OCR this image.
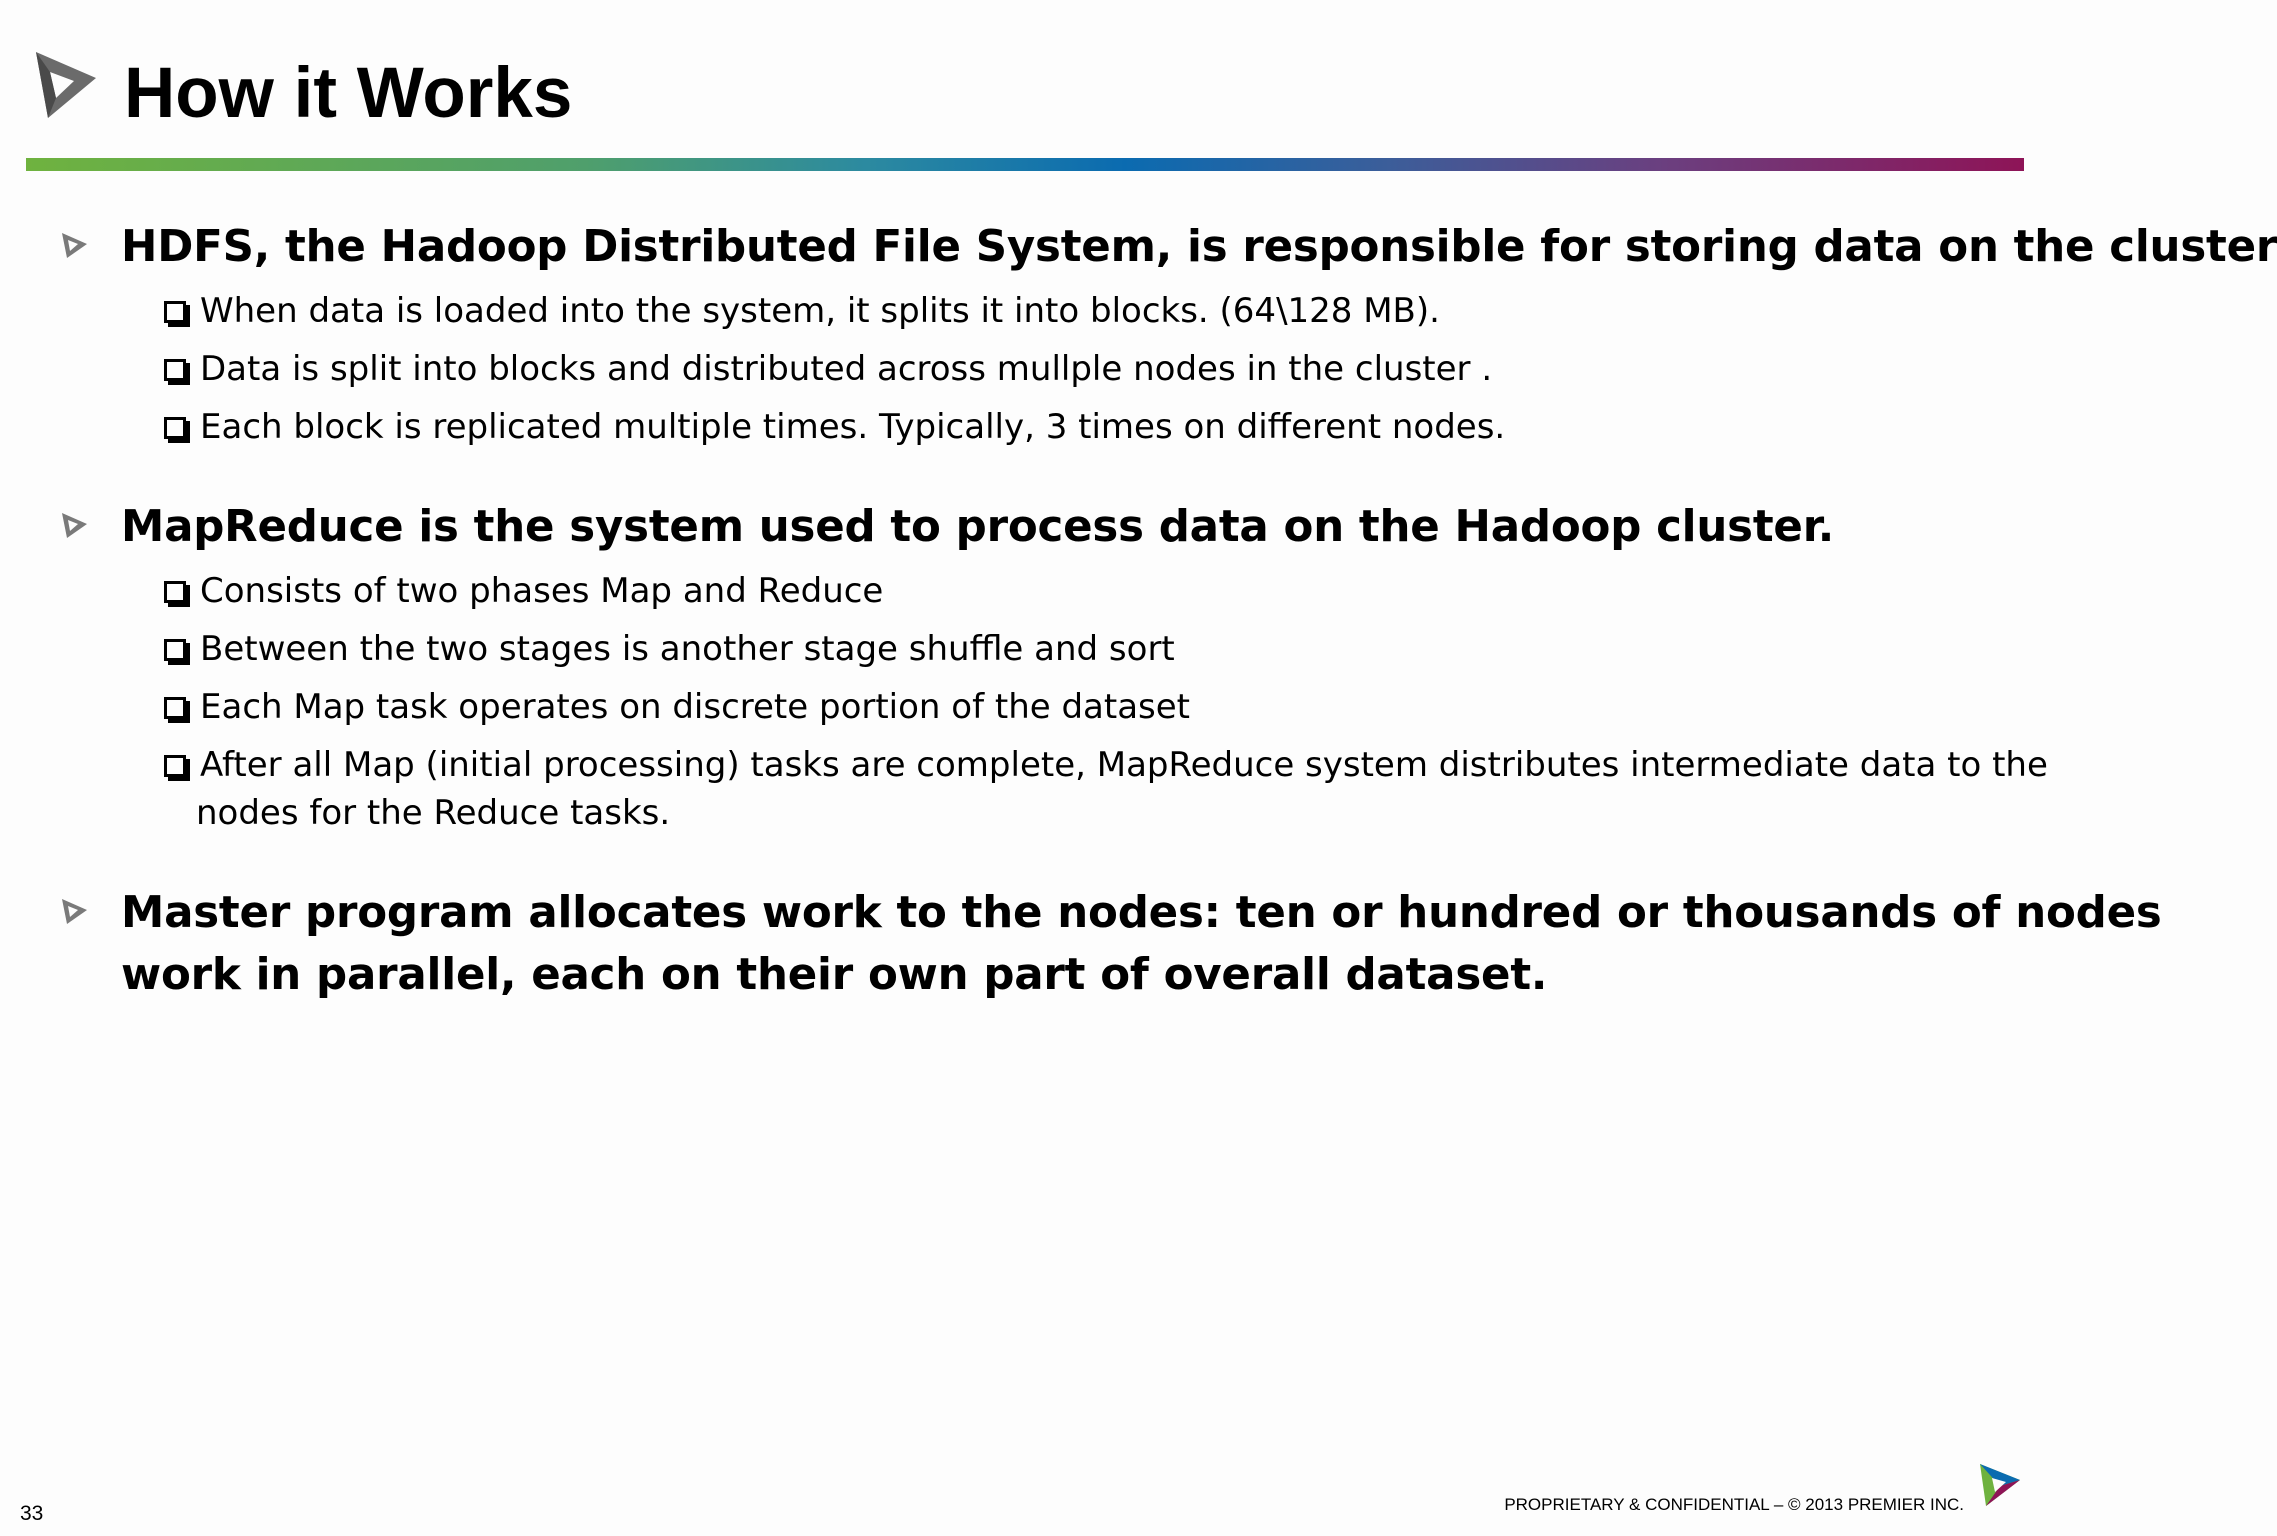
How it Works
HDFS, the Hadoop Distributed File System, is responsible for storing data on the cluster
When data is loaded into the system, it splits it into blocks. (64\128 MB).
Data is split into blocks and distributed across mullple nodes in the cluster .
Each block is replicated multiple times. Typically, 3 times on different nodes.
MapReduce is the system used to process data on the Hadoop cluster.
Consists of two phases Map and Reduce
Between the two stages is another stage shuffle and sort
Each Map task operates on discrete portion of the dataset
After all Map (initial processing) tasks are complete, MapReduce system distributes intermediate data to the
nodes for the Reduce tasks.
Master program allocates work to the nodes: ten or hundred or thousands of nodes
work in parallel, each on their own part of overall dataset.
33	PROPRIETARY & CONFIDENTIAL – © 2013 PREMIER INC.
